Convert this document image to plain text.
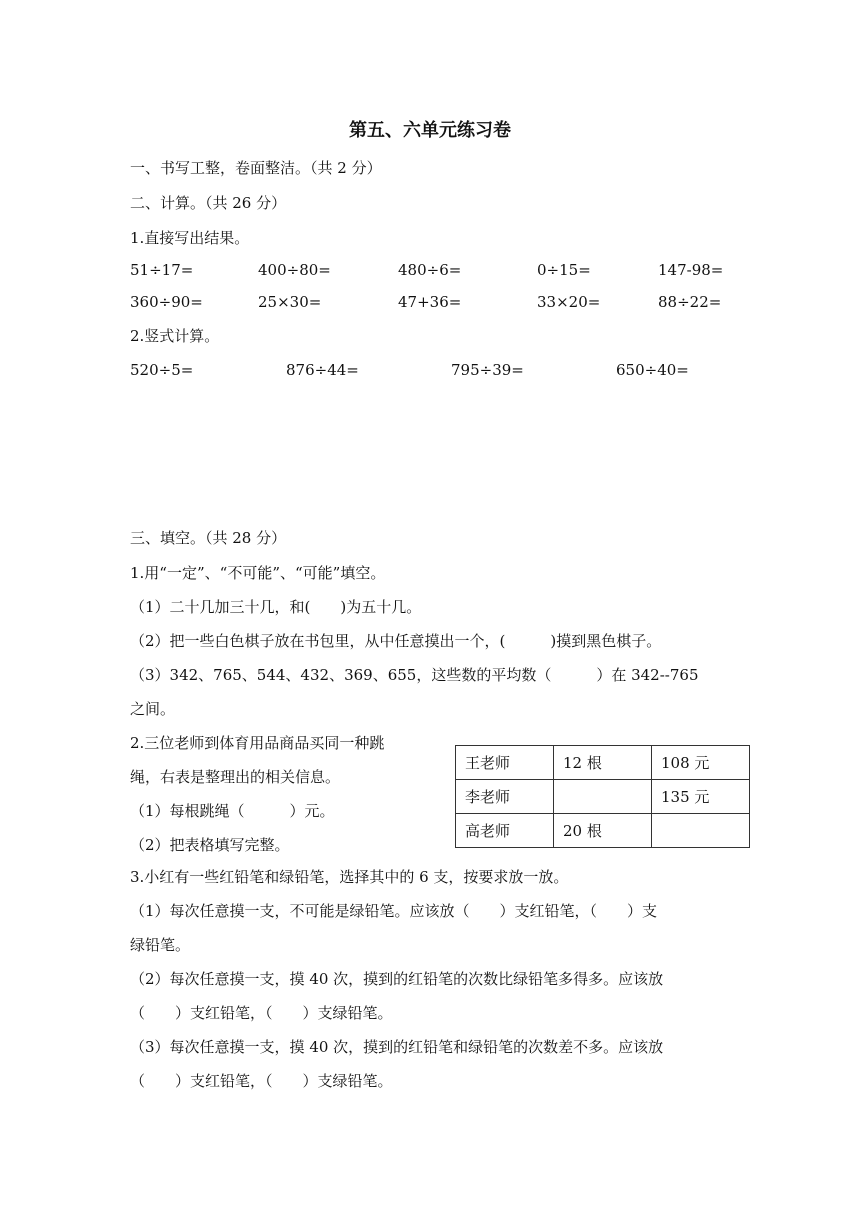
第五、六单元练习卷
一、书写工整，卷面整洁。（共 2 分）
二、计算。（共 26 分）
1.直接写出结果。
51÷17=	400÷80=	480÷6=	0÷15=	147-98=
360÷90=	25×30=	47+36=	33×20=	88÷22=
2.竖式计算。
520÷5=	876÷44=	795÷39=	650÷40=
三、填空。（共 28 分）
1.用“一定”、“不可能”、“可能”填空。
（1）二十几加三十几，和(　　)为五十几。
（2）把一些白色棋子放在书包里，从中任意摸出一个，(　　　)摸到黑色棋子。
（3）342、765、544、432、369、655，这些数的平均数（　　　）在 342--765
之间。
2.三位老师到体育用品商品买同一种跳
绳，右表是整理出的相关信息。
（1）每根跳绳（　　　）元。
（2）把表格填写完整。
王老师	12 根	108 元
李老师		135 元
高老师	20 根	
3.小红有一些红铅笔和绿铅笔，选择其中的 6 支，按要求放一放。
（1）每次任意摸一支，不可能是绿铅笔。应该放（　　）支红铅笔，（　　）支
绿铅笔。
（2）每次任意摸一支，摸 40 次，摸到的红铅笔的次数比绿铅笔多得多。应该放
（　　）支红铅笔，（　　）支绿铅笔。
（3）每次任意摸一支，摸 40 次，摸到的红铅笔和绿铅笔的次数差不多。应该放
（　　）支红铅笔，（　　）支绿铅笔。
